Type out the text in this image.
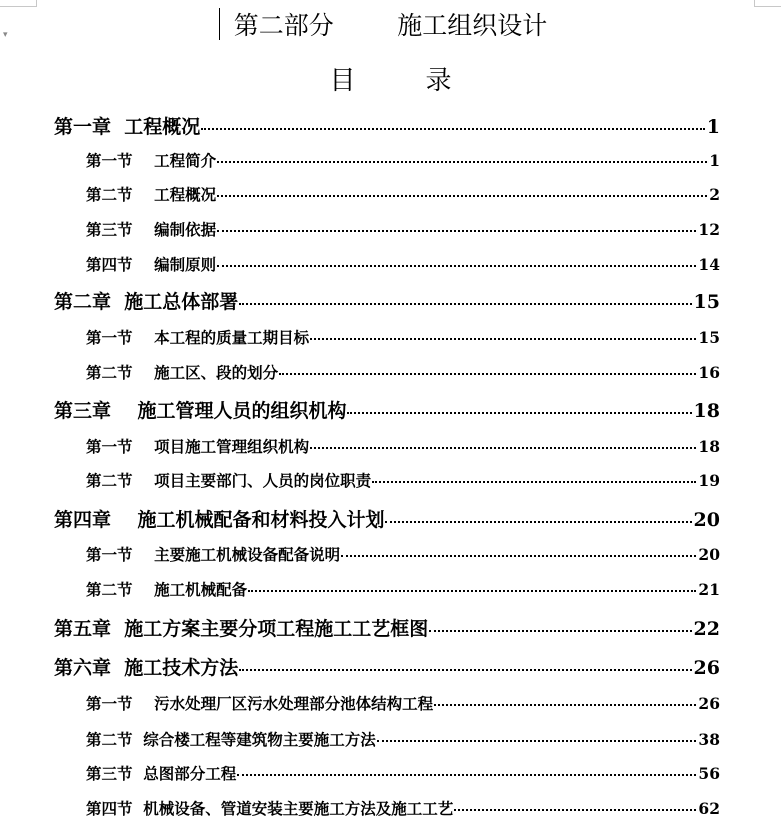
▾	第二部分        施工组织设计
目录
第一章  工程概况	1
第一节    工程简介	1
第二节    工程概况	2
第三节    编制依据	12
第四节    编制原则	14
第二章  施工总体部署	15
第一节    本工程的质量工期目标	15
第二节    施工区、段的划分	16
第三章    施工管理人员的组织机构	18
第一节    项目施工管理组织机构	18
第二节    项目主要部门、人员的岗位职责	19
第四章    施工机械配备和材料投入计划	20
第一节    主要施工机械设备配备说明	20
第二节    施工机械配备	21
第五章  施工方案主要分项工程施工工艺框图	22
第六章  施工技术方法	26
第一节    污水处理厂区污水处理部分池体结构工程	26
第二节  综合楼工程等建筑物主要施工方法	38
第三节  总图部分工程	56
第四节  机械设备、管道安装主要施工方法及施工工艺	62
